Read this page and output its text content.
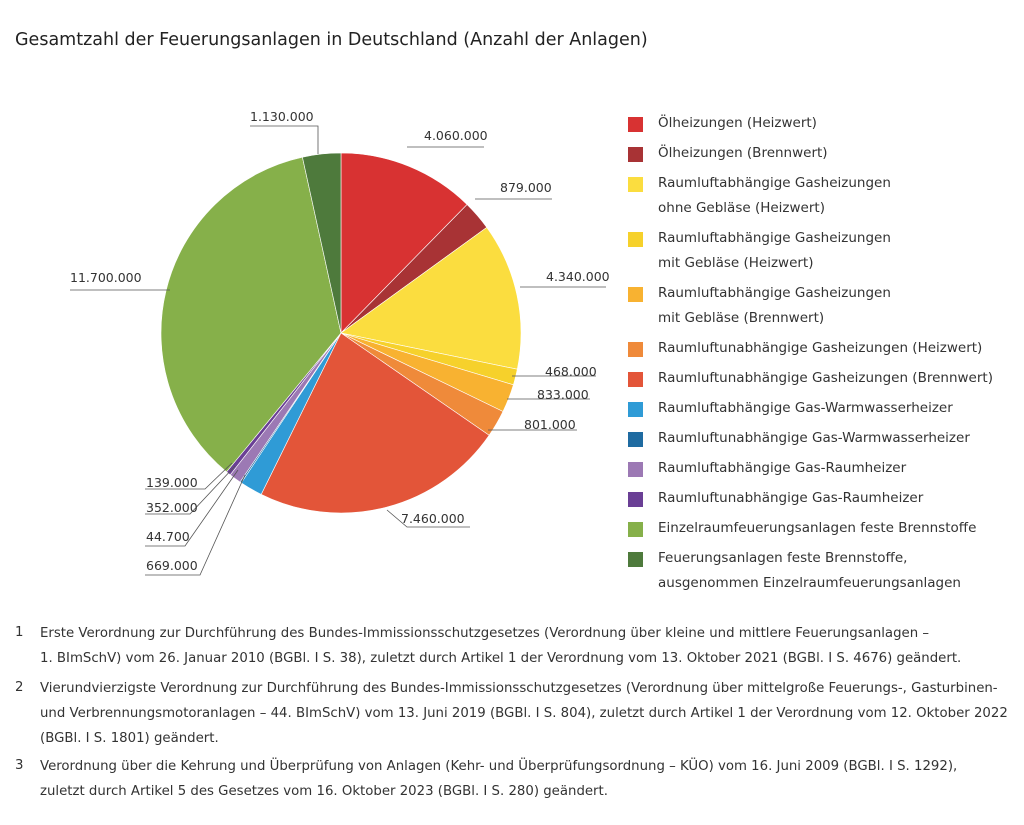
Gesamtzahl der Feuerungsanlagen in Deutschland (Anzahl der Anlagen)
4.060.000
879.000
4.340.000
468.000
833.000
801.000
7.460.000
669.000
44.700
352.000
139.000
11.700.000
1.130.000	Ölheizungen (Heizwert)
Ölheizungen (Brennwert)
Raumluftabhängige Gasheizungen
ohne Gebläse (Heizwert)
Raumluftabhängige Gasheizungen
mit Gebläse (Heizwert)
Raumluftabhängige Gasheizungen
mit Gebläse (Brennwert)
Raumluftunabhängige Gasheizungen (Heizwert)
Raumluftunabhängige Gasheizungen (Brennwert)
Raumluftabhängige Gas-Warmwasserheizer
Raumluftunabhängige Gas-Warmwasserheizer
Raumluftabhängige Gas-Raumheizer
Raumluftunabhängige Gas-Raumheizer
Einzelraumfeuerungsanlagen feste Brennstoffe
Feuerungsanlagen feste Brennstoffe,
ausgenommen Einzelraumfeuerungsanlagen
1 Erste Verordnung zur Durchführung des Bundes-Immissionsschutzgesetzes (Verordnung über kleine und mittlere Feuerungsanlagen –
1. BImSchV) vom 26. Januar 2010 (BGBl. I S. 38), zuletzt durch Artikel 1 der Verordnung vom 13. Oktober 2021 (BGBl. I S. 4676) geändert.
2 Vierundvierzigste Verordnung zur Durchführung des Bundes-Immissionsschutzgesetzes (Verordnung über mittelgroße Feuerungs-, Gasturbinen-
und Verbrennungsmotoranlagen – 44. BImSchV) vom 13. Juni 2019 (BGBl. I S. 804), zuletzt durch Artikel 1 der Verordnung vom 12. Oktober 2022
(BGBl. I S. 1801) geändert.
3 Verordnung über die Kehrung und Überprüfung von Anlagen (Kehr- und Überprüfungsordnung – KÜO) vom 16. Juni 2009 (BGBl. I S. 1292),
zuletzt durch Artikel 5 des Gesetzes vom 16. Oktober 2023 (BGBl. I S. 280) geändert.
